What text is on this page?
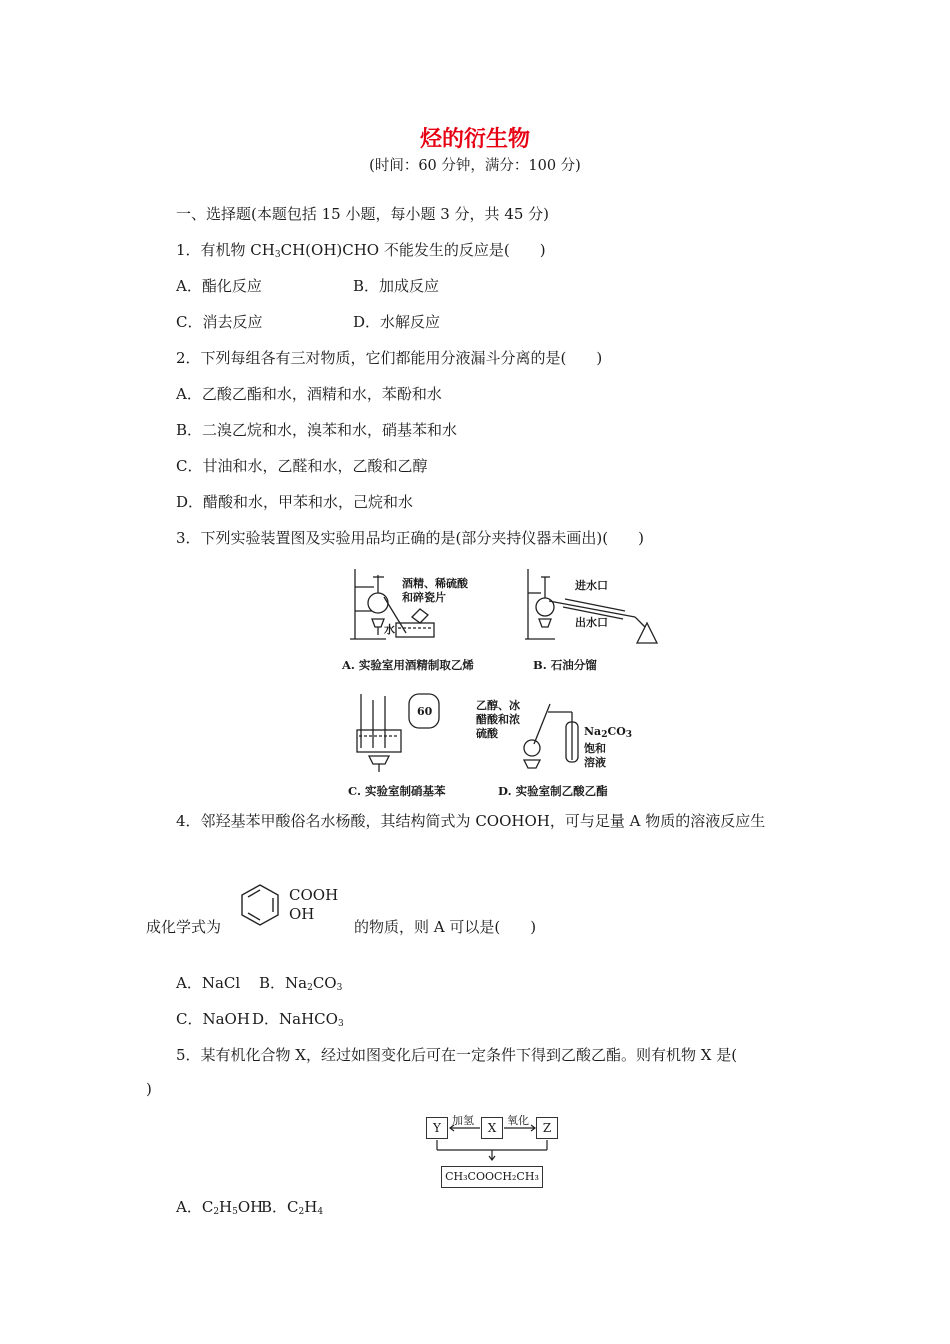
烃的衍生物
(时间：60 分钟，满分：100 分)
一、选择题(本题包括 15 小题，每小题 3 分，共 45 分)
1．有机物 $CH_3CH(OH)CHO$ 不能发生的反应是(　　)
A．酯化反应	B．加成反应
C．消去反应	D．水解反应
2．下列每组各有三对物质，它们都能用分液漏斗分离的是(　　)
A．乙酸乙酯和水，酒精和水，苯酚和水
B．二溴乙烷和水，溴苯和水，硝基苯和水
C．甘油和水，乙醛和水，乙酸和乙醇
D．醋酸和水，甲苯和水，己烷和水
3．下列实验装置图及实验用品均正确的是(部分夹持仪器未画出)(　　)
酒精、稀硫酸
和碎瓷片
水
A. 实验室用酒精制取乙烯
进水口
出水口
B. 石油分馏
60
C. 实验室制硝基苯
乙醇、冰
醋酸和浓
硫酸	$Na_2CO_3$
饱和
溶液
D. 实验室制乙酸乙酯
4．邻羟基苯甲酸俗名水杨酸，其结构简式为 COOHOH，可与足量 A 物质的溶液反应生
成化学式为
COOH
OH
的物质，则 A 可以是(　　)
A．NaCl B．$Na_2CO_3$
C．NaOH D．NaHCO$_3$
5．某有机化合物 X，经过如图变化后可在一定条件下得到乙酸乙酯。则有机物 X 是(
)
Y	X	Z
加氢	氧化
CH₃COOCH₂CH₃
A．$C_2H_5OH$
B．$C_2H_4$
